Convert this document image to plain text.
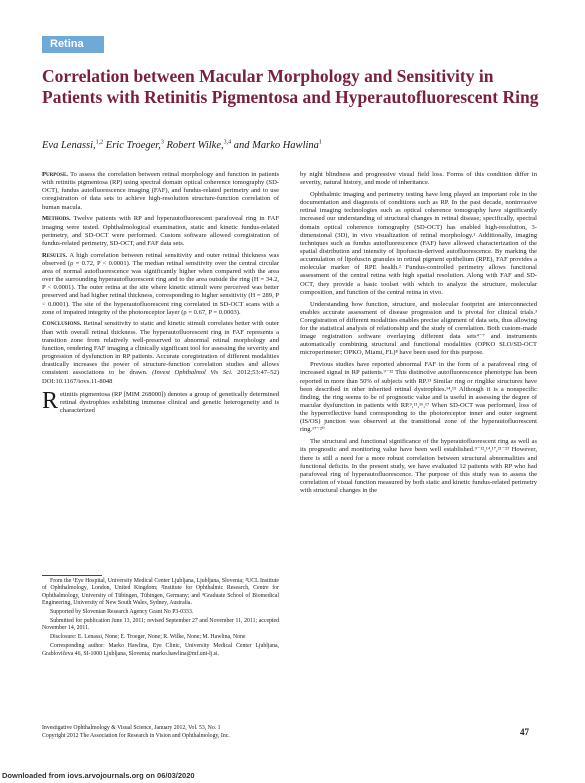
Retina
Correlation between Macular Morphology and Sensitivity in Patients with Retinitis Pigmentosa and Hyperautofluorescent Ring

Eva Lenassi,$^{1,2}$ Eric Troeger,$^3$ Robert Wilke,$^{3,4}$ and Marko Hawlina$^1$

Purpose. To assess the correlation between retinal morphology and function in patients with retinitis pigmentosa (RP) using spectral domain optical coherence tomography (SD-OCT), fundus autofluorescence imaging (FAF), and fundus-related perimetry and to use coregistration of data sets to achieve high-resolution structure-function correlation of human macula.

Methods. Twelve patients with RP and hyperautofluorescent parafoveal ring in FAF imaging were tested. Ophthalmological examination, static and kinetic fundus-related perimetry, and SD-OCT were performed. Custom software allowed coregistration of fundus-related perimetry, SD-OCT, and FAF data sets.

Results. A high correlation between retinal sensitivity and outer retinal thickness was observed (ρ = 0.72, P < 0.0001). The median retinal sensitivity over the central circular area of normal autofluorescence was significantly higher when compared with the area over the surrounding hyperautofluorescent ring and to the area outside the ring (H = 34.2, P < 0.0001). The outer retina at the site where kinetic stimuli were perceived was better preserved and had higher retinal thickness, corresponding to higher sensitivity (H = 289, P < 0.0001). The site of the hyperautofluorescent ring correlated in SD-OCT scans with a zone of impaired integrity of the photoreceptor layer (ρ = 0.67, P = 0.0003).

Conclusions. Retinal sensitivity to static and kinetic stimuli correlates better with outer than with overall retinal thickness. The hyperautofluorescent ring in FAF represents a transition zone from relatively well-preserved to abnormal retinal morphology and function, rendering FAF imaging a clinically significant tool for assessing the severity and progression of dysfunction in RP patients. Accurate coregistration of different modalities drastically increases the power of structure-function correlation studies and allows consistent associations to be drawn. (Invest Ophthalmol Vis Sci. 2012;53:47–52) DOI:10.1167/iovs.11-8048

Retinitis pigmentosa (RP [MIM 268000]) denotes a group of genetically determined retinal dystrophies exhibiting immense clinical and genetic heterogeneity and is characterized

by night blindness and progressive visual field loss. Forms of this condition differ in severity, natural history, and mode of inheritance.

Ophthalmic imaging and perimetry testing have long played an important role in the documentation and diagnosis of conditions such as RP. In the past decade, noninvasive retinal imaging technologies such as optical coherence tomography have significantly increased our understanding of structural changes in retinal disease; specifically, spectral domain optical coherence tomography (SD-OCT) has enabled high-resolution, 3-dimensional (3D), in vivo visualization of retinal morphology.¹ Additionally, imaging techniques such as fundus autofluorescence (FAF) have allowed characterization of the spatial distribution and intensity of lipofuscin-derived autofluorescence. By marking the accumulation of lipofuscin granules in retinal pigment epithelium (RPE), FAF provides a molecular marker of RPE health.² Fundus-controlled perimetry allows functional assessment of the central retina with high spatial resolution. Along with FAF and SD-OCT, they provide a basic toolset with which to analyze the structure, molecular composition, and function of the central retina in vivo.

Understanding how function, structure, and molecular footprint are interconnected enables accurate assessment of disease progression and is pivotal for clinical trials.³ Coregistration of different modalities enables precise alignment of data sets, thus allowing for the statistical analysis of relationship and the study of correlation. Both custom-made image registration software overlaying different data sets⁴⁻⁷ and instruments automatically combining structural and functional modalities (OPKO SLO/SD-OCT microperimeter; OPKO, Miami, FL)⁸ have been used for this purpose.

Previous studies have reported abnormal FAF in the form of a parafoveal ring of increased signal in RP patients.⁹⁻¹² This distinctive autofluorescence phenotype has been reported in more than 50% of subjects with RP.¹³ Similar ring or ringlike structures have been described in other inherited retinal dystrophies.¹⁴,¹⁵ Although it is a nonspecific finding, the ring seems to be of prognostic value and is useful in assessing the degree of macular dysfunction in patients with RP.⁹,¹¹,¹⁶,¹⁷ When SD-OCT was performed, loss of the hyperreflective band corresponding to the photoreceptor inner and outer segment (IS/OS) junction was observed at the transitional zone of the hyperautofluorescent ring.¹⁷⁻²⁰

The structural and functional significance of the hyperautofluorescent ring as well as its prognostic and monitoring value have been well established.⁹⁻¹²,¹⁴,¹⁷,²¹⁻²³ However, there is still a need for a more robust correlation between structural abnormalities and functional deficits. In the present study, we have evaluated 12 patients with RP who had parafoveal ring of hyperautofluorescence. The purpose of this study was to assess the correlation of visual function measured by both static and kinetic fundus-related perimetry with structural changes in the

From the ¹Eye Hospital, University Medical Center Ljubljana, Ljubljana, Slovenia; ²UCL Institute of Ophthalmology, London, United Kingdom; ³Institute for Ophthalmic Research, Centre for Ophthalmology, University of Tübingen, Tübingen, Germany; and ⁴Graduate School of Biomedical Engineering, University of New South Wales, Sydney, Australia.

Supported by Slovenian Research Agency Grant No P3-0333.

Submitted for publication June 13, 2011; revised September 27 and November 11, 2011; accepted November 14, 2011.

Disclosure: E. Lenassi, None; E. Troeger, None; R. Wilke, None; M. Hawlina, None

Corresponding author: Marko Hawlina, Eye Clinic, University Medical Center Ljubljana, Grablovičeva 46, SI-1000 Ljubljana, Slovenia; marko.hawlina@mf.uni-lj.si.

Investigative Ophthalmology & Visual Science, January 2012, Vol. 53, No. 1
Copyright 2012 The Association for Research in Vision and Ophthalmology, Inc.	47
Downloaded from iovs.arvojournals.org on 06/03/2020
